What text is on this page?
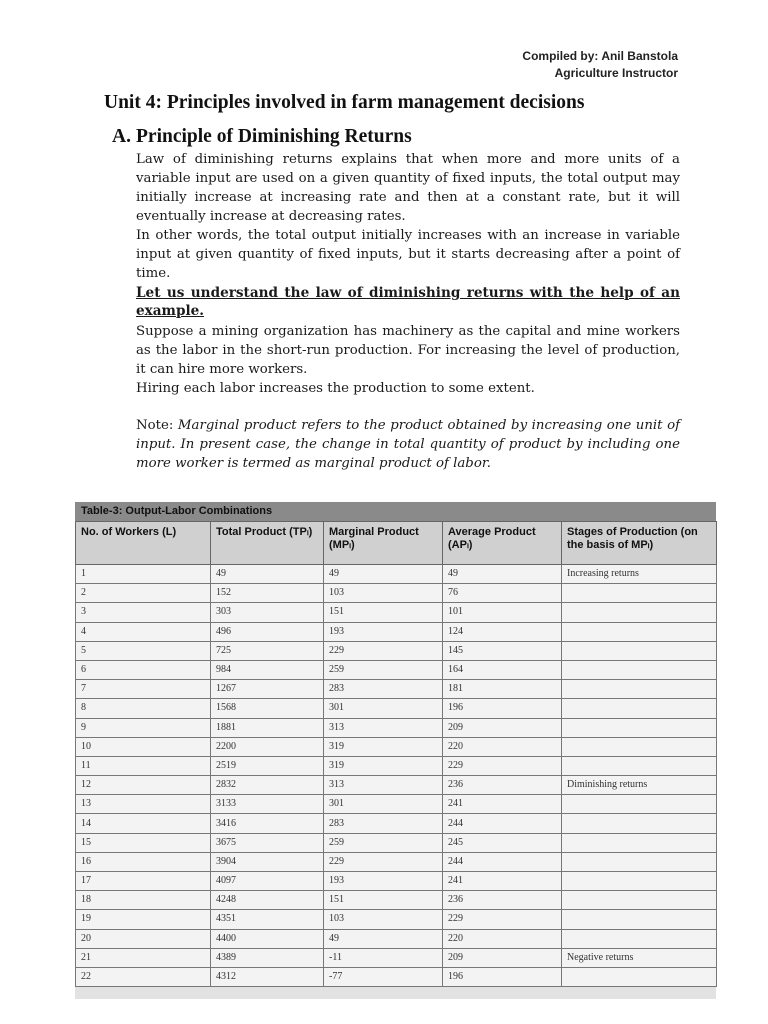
Compiled by: Anil Banstola
Agriculture Instructor
Unit 4: Principles involved in farm management decisions
A. Principle of Diminishing Returns

Law of diminishing returns explains that when more and more units of a variable input are used on a given quantity of fixed inputs, the total output may initially increase at increasing rate and then at a constant rate, but it will eventually increase at decreasing rates.

In other words, the total output initially increases with an increase in variable input at given quantity of fixed inputs, but it starts decreasing after a point of time.

Let us understand the law of diminishing returns with the help of an example.

Suppose a mining organization has machinery as the capital and mine workers as the labor in the short-run production. For increasing the level of production, it can hire more workers.

Hiring each labor increases the production to some extent.

Note: Marginal product refers to the product obtained by increasing one unit of input. In present case, the change in total quantity of product by including one more worker is termed as marginal product of labor.

Table-3: Output-Labor Combinations
No. of Workers (L)	Total Product (TPₗ)	Marginal Product (MPₗ)	Average Product (APₗ)	Stages of Production (on the basis of MPₗ)
1	49	49	49	Increasing returns
2	152	103	76	
3	303	151	101	
4	496	193	124	
5	725	229	145	
6	984	259	164	
7	1267	283	181	
8	1568	301	196	
9	1881	313	209	
10	2200	319	220	
11	2519	319	229	
12	2832	313	236	Diminishing returns
13	3133	301	241	
14	3416	283	244	
15	3675	259	245	
16	3904	229	244	
17	4097	193	241	
18	4248	151	236	
19	4351	103	229	
20	4400	49	220	
21	4389	-11	209	Negative returns
22	4312	-77	196	
